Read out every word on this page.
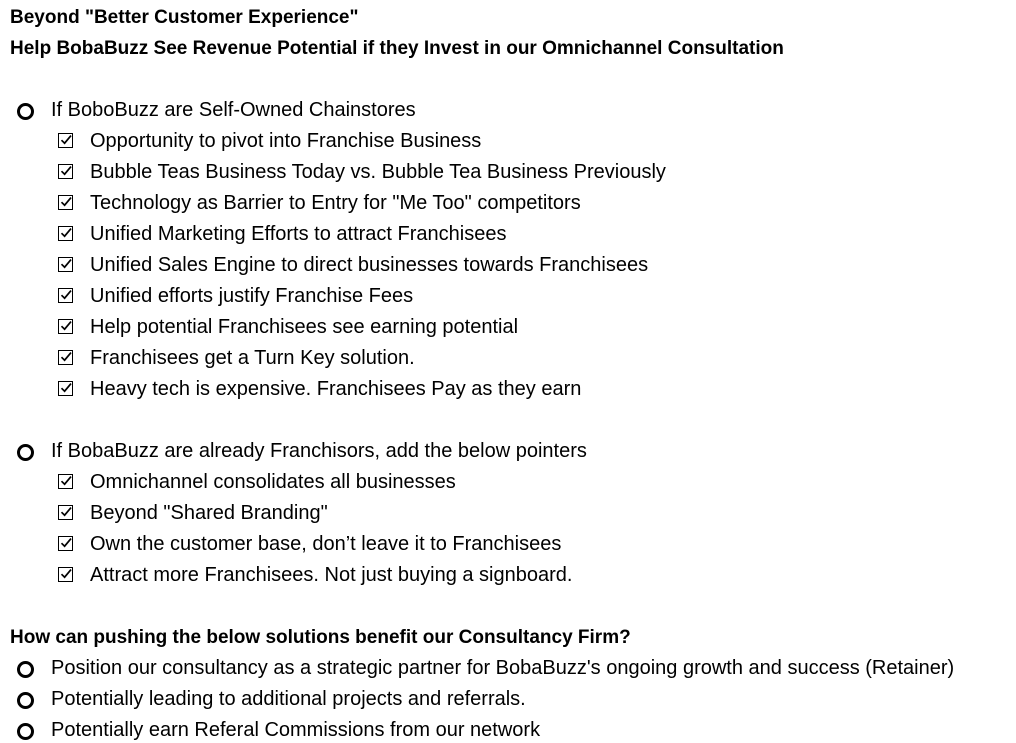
Beyond "Better Customer Experience"
Help BobaBuzz See Revenue Potential if they Invest in our Omnichannel Consultation
If BoboBuzz are Self-Owned Chainstores
Opportunity to pivot into Franchise Business
Bubble Teas Business Today vs. Bubble Tea Business Previously
Technology as Barrier to Entry for "Me Too" competitors
Unified Marketing Efforts to attract Franchisees
Unified Sales Engine to direct businesses towards Franchisees
Unified efforts justify Franchise Fees
Help potential Franchisees see earning potential
Franchisees get a Turn Key solution.
Heavy tech is expensive. Franchisees Pay as they earn
If BobaBuzz are already Franchisors, add the below pointers
Omnichannel consolidates all businesses
Beyond "Shared Branding"
Own the customer base, don’t leave it to Franchisees
Attract more Franchisees. Not just buying a signboard.
How can pushing the below solutions benefit our Consultancy Firm?
Position our consultancy as a strategic partner for BobaBuzz's ongoing growth and success (Retainer)
Potentially leading to additional projects and referrals.
Potentially earn Referal Commissions from our network
